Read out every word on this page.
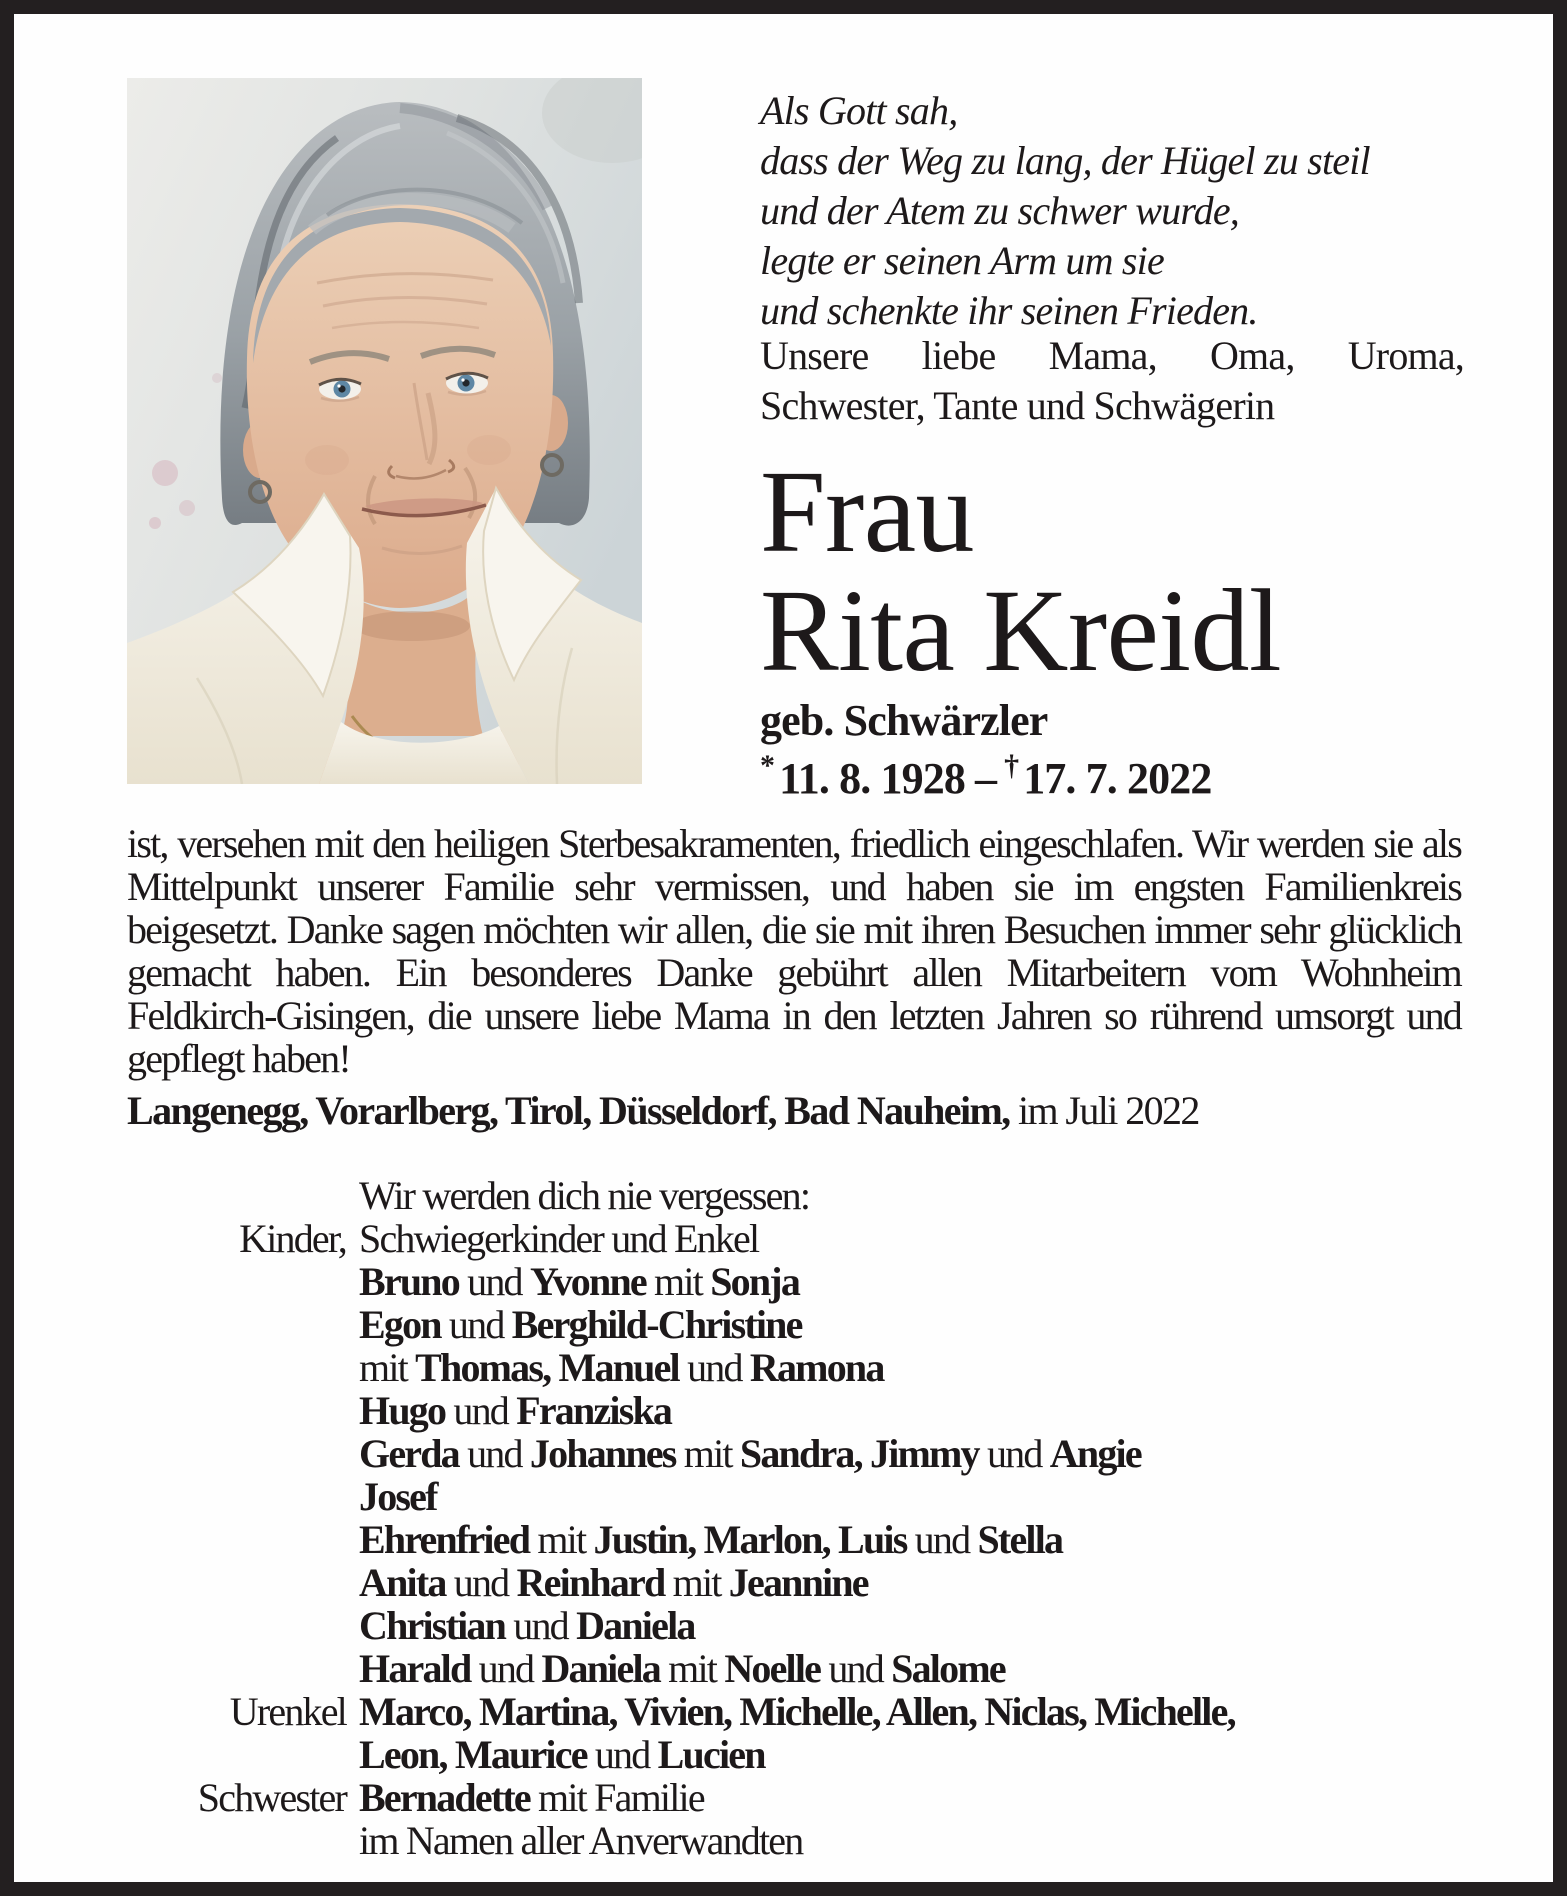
Als Gott sah,
dass der Weg zu lang, der Hügel zu steil
und der Atem zu schwer wurde,
legte er seinen Arm um sie
und schenkte ihr seinen Frieden.
Unsere liebe Mama, Oma, Uroma,
Schwester, Tante und Schwägerin
Frau
Rita Kreidl
geb. Schwärzler
* 11. 8. 1928 – † 17. 7. 2022
ist, versehen mit den heiligen Sterbesakramenten, friedlich eingeschlafen. Wir werden sie als Mittelpunkt unserer Familie sehr vermissen, und haben sie im engsten Familienkreis beigesetzt. Danke sagen möchten wir allen, die sie mit ihren Besuchen immer sehr glücklich gemacht haben. Ein besonderes Danke gebührt allen Mitarbeitern vom Wohnheim Feldkirch-Gisingen, die unsere liebe Mama in den letzten Jahren so rührend umsorgt und gepflegt haben!
Langenegg, Vorarlberg, Tirol, Düsseldorf, Bad Nauheim, im Juli 2022
Wir werden dich nie vergessen:
Kinder, Schwiegerkinder und Enkel
Bruno und Yvonne mit Sonja
Egon und Berghild-Christine
mit Thomas, Manuel und Ramona
Hugo und Franziska
Gerda und Johannes mit Sandra, Jimmy und Angie
Josef
Ehrenfried mit Justin, Marlon, Luis und Stella
Anita und Reinhard mit Jeannine
Christian und Daniela
Harald und Daniela mit Noelle und Salome
Urenkel Marco, Martina, Vivien, Michelle, Allen, Niclas, Michelle,
Leon, Maurice und Lucien
Schwester Bernadette mit Familie
im Namen aller Anverwandten
